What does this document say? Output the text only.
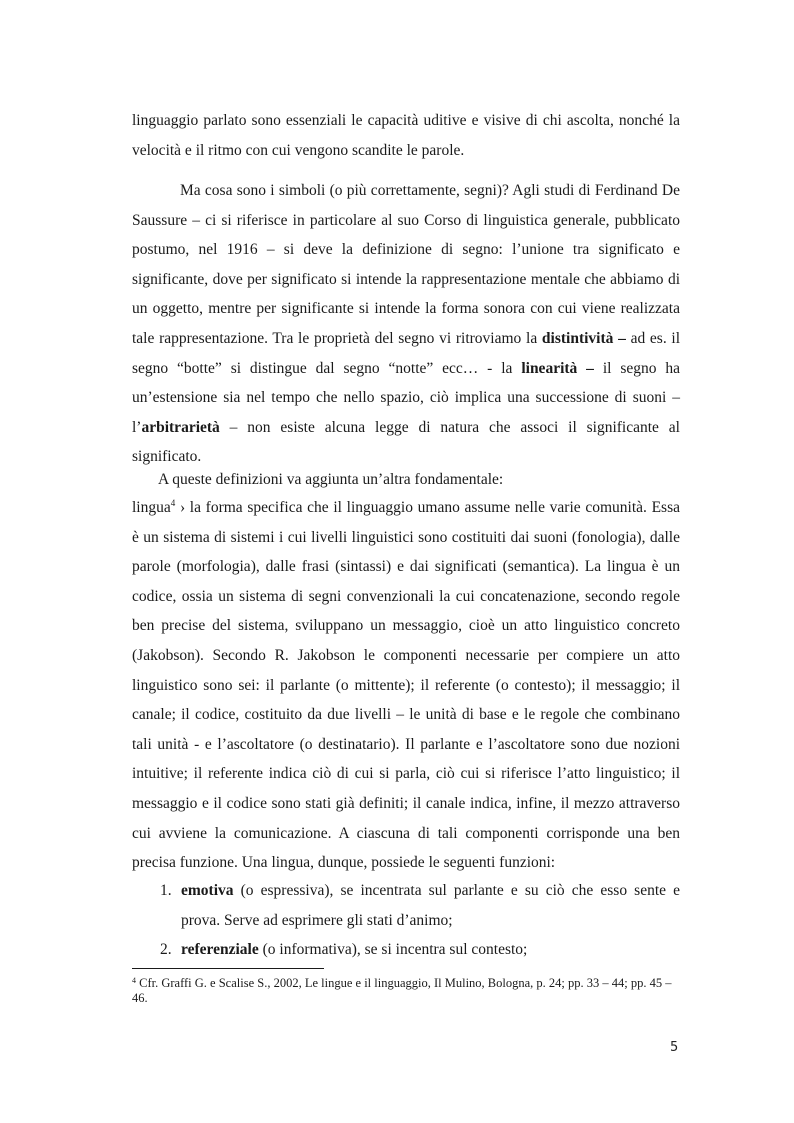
linguaggio parlato sono essenziali le capacità uditive e visive di chi ascolta, nonché la velocità e il ritmo con cui vengono scandite le parole.

Ma cosa sono i simboli (o più correttamente, segni)? Agli studi di Ferdinand De Saussure – ci si riferisce in particolare al suo Corso di linguistica generale, pubblicato postumo, nel 1916 – si deve la definizione di segno: l’unione tra significato e significante, dove per significato si intende la rappresentazione mentale che abbiamo di un oggetto, mentre per significante si intende la forma sonora con cui viene realizzata tale rappresentazione. Tra le proprietà del segno vi ritroviamo la distintività – ad es. il segno “botte” si distingue dal segno “notte” ecc… - la linearità – il segno ha un’estensione sia nel tempo che nello spazio, ciò implica una successione di suoni – l’arbitrarietà – non esiste alcuna legge di natura che associ il significante al significato.

A queste definizioni va aggiunta un’altra fondamentale:

lingua$^4$ › la forma specifica che il linguaggio umano assume nelle varie comunità. Essa è un sistema di sistemi i cui livelli linguistici sono costituiti dai suoni (fonologia), dalle parole (morfologia), dalle frasi (sintassi) e dai significati (semantica). La lingua è un codice, ossia un sistema di segni convenzionali la cui concatenazione, secondo regole ben precise del sistema, sviluppano un messaggio, cioè un atto linguistico concreto (Jakobson). Secondo R. Jakobson le componenti necessarie per compiere un atto linguistico sono sei: il parlante (o mittente); il referente (o contesto); il messaggio; il canale; il codice, costituito da due livelli – le unità di base e le regole che combinano tali unità - e l’ascoltatore (o destinatario). Il parlante e l’ascoltatore sono due nozioni intuitive; il referente indica ciò di cui si parla, ciò cui si riferisce l’atto linguistico; il messaggio e il codice sono stati già definiti; il canale indica, infine, il mezzo attraverso cui avviene la comunicazione. A ciascuna di tali componenti corrisponde una ben precisa funzione. Una lingua, dunque, possiede le seguenti funzioni:

1. emotiva (o espressiva), se incentrata sul parlante e su ciò che esso sente e prova. Serve ad esprimere gli stati d’animo;
2. referenziale (o informativa), se si incentra sul contesto;
$^4$ Cfr. Graffi G. e Scalise S., 2002, Le lingue e il linguaggio, Il Mulino, Bologna, p. 24; pp. 33 – 44; pp. 45 – 46.
5
